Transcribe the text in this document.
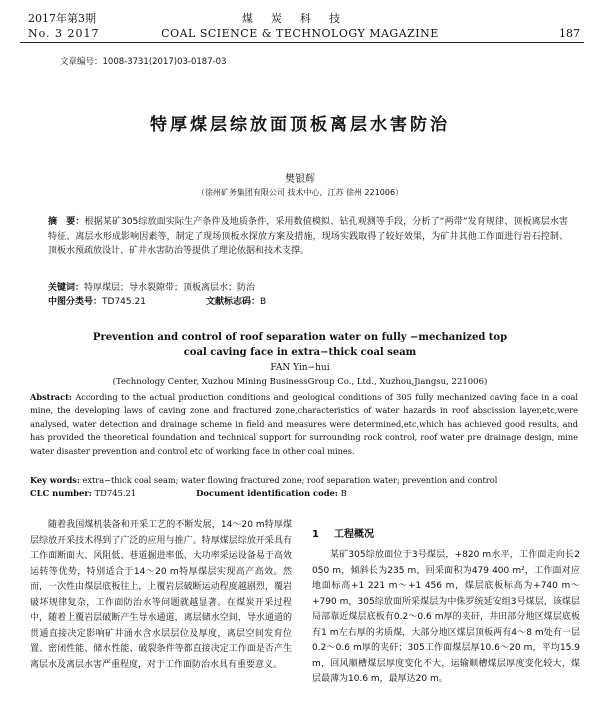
2017年第3期
No. 3 2017
煤炭科技
COAL SCIENCE & TECHNOLOGY MAGAZINE	187
文章编号：1008-3731(2017)03-0187-03
特厚煤层综放面顶板离层水害防治
樊银辉
（徐州矿务集团有限公司 技术中心，江苏 徐州 221006）
摘　要：根据某矿305综放面实际生产条件及地质条件，采用数值模拟、钻孔观测等手段，分析了“两带”发育规律、顶板离层水害特征、离层水形成影响因素等，制定了现场顶板水探放方案及措施，现场实践取得了较好效果，为矿井其他工作面进行岩石控制、顶板水预疏放设计、矿井水害防治等提供了理论依据和技术支撑。
关键词：特厚煤层；导水裂隙带；顶板离层水；防治
中图分类号：TD745.21	文献标志码：B
Prevention and control of roof separation water on fully −mechanized top coal caving face in extra−thick coal seam
FAN Yin−hui
(Technology Center, Xuzhou Mining BusinessGroup Co., Ltd., Xuzhou,Jiangsu, 221006)
Abstract: According to the actual production conditions and geological conditions of 305 fully mechanized caving face in a coal mine, the developing laws of caving zone and fractured zone,characteristics of water hazards in roof abscission layer,etc,were analysed, water detection and drainage scheme in field and measures were determined,etc,which has achieved good results, and has provided the theoretical foundation and technical support for surrounding rock control, roof water pre drainage design, mine water disaster prevention and control etc of working face in other coal mines.
Key words: extra−thick coal seam; water flowing fractured zone; roof separation water; prevention and control
CLC number: TD745.21	Document identification code: B
随着我国煤机装备和开采工艺的不断发展，14～20 m特厚煤层综放开采技术得到了广泛的应用与推广。特厚煤层综放开采具有工作面断面大、风阻低、巷道掘进率低、大功率采运设备易于高效运转等优势，特别适合于14～20 m特厚煤层实现高产高效。然而，一次性由煤层底板往上，上覆岩层破断运动程度越剧烈，覆岩破坏规律复杂，工作面防治水等问题就越显著。在煤炭开采过程中，随着上覆岩层破断产生导水通道，离层储水空间，导水通道的贯通直接决定影响矿井涌水含水层层位及厚度，离层空间发育位置、密闭性能、储水性能、破裂条件等都直接决定工作面是否产生离层水及离层水害严重程度，对于工作面防治水具有重要意义。
1 工程概况
某矿305综放面位于3号煤层，+820 m水平，工作面走向长2 050 m，倾斜长为235 m，回采面积为479 400 m²，工作面对应地面标高+1 221 m～+1 456 m，煤层底板标高为+740 m～+790 m，305综放面所采煤层为中侏罗统延安组3号煤层，该煤层局部靠近煤层底板有0.2～0.6 m厚的夹矸，井田部分地区煤层底板有1 m左右厚的劣质煤，大部分地区煤层顶板两有4～8 m处有一层0.2～0.6 m厚的夹矸；305工作面煤层厚10.6～20 m，平均15.9 m，回风顺槽煤层厚度变化不大，运输顺槽煤层厚度变化较大，煤层最薄为10.6 m，最厚达20 m。
